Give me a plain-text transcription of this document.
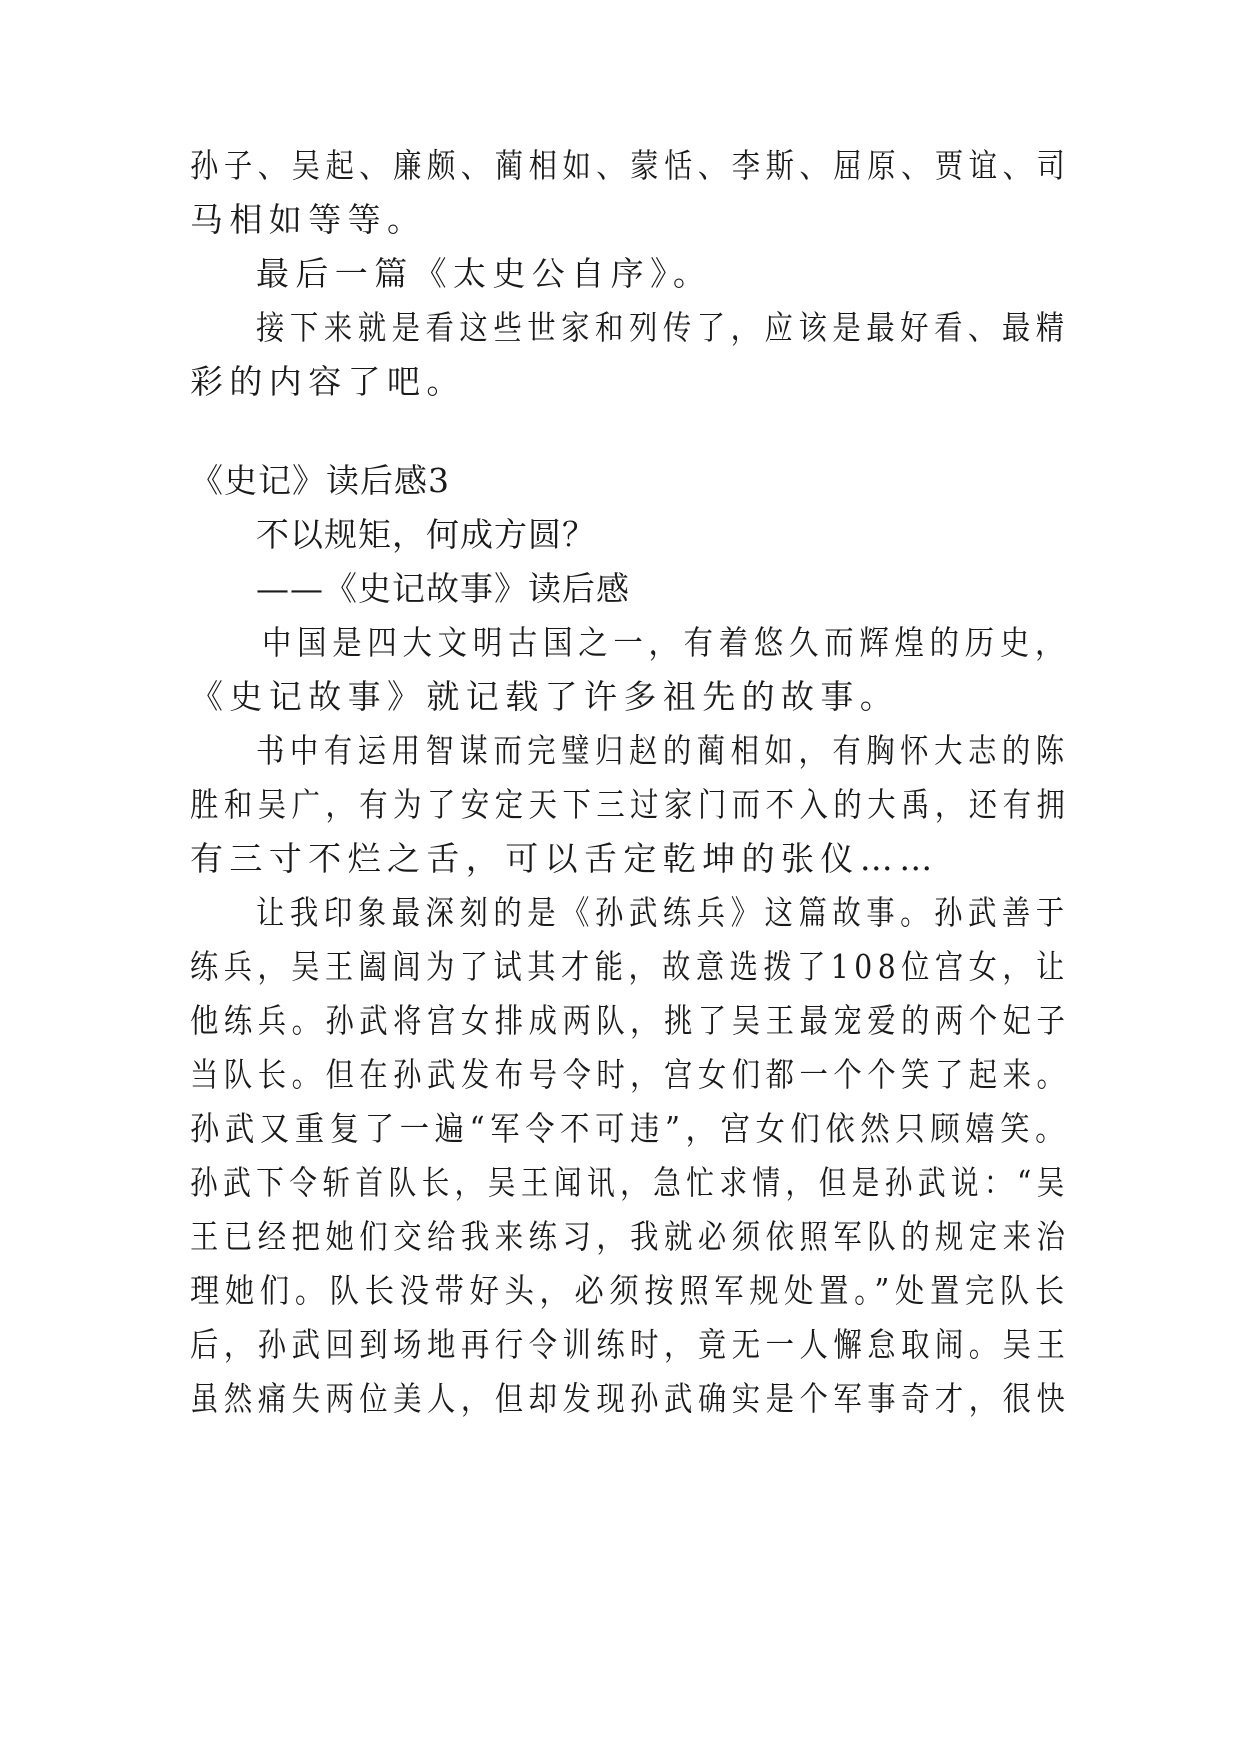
孙子、吴起、廉颇、蔺相如、蒙恬、李斯、屈原、贾谊、司
马相如等等。
最后一篇《太史公自序》。
接下来就是看这些世家和列传了，应该是最好看、最精
彩的内容了吧。
《史记》读后感3
不以规矩，何成方圆？
——《史记故事》读后感
中国是四大文明古国之一，有着悠久而辉煌的历史，
《史记故事》就记载了许多祖先的故事。
书中有运用智谋而完璧归赵的蔺相如，有胸怀大志的陈
胜和吴广，有为了安定天下三过家门而不入的大禹，还有拥
有三寸不烂之舌，可以舌定乾坤的张仪……
让我印象最深刻的是《孙武练兵》这篇故事。孙武善于
练兵，吴王阖闾为了试其才能，故意选拨了108位宫女，让
他练兵。孙武将宫女排成两队，挑了吴王最宠爱的两个妃子
当队长。但在孙武发布号令时，宫女们都一个个笑了起来。
孙武又重复了一遍“军令不可违”，宫女们依然只顾嬉笑。
孙武下令斩首队长，吴王闻讯，急忙求情，但是孙武说：“吴
王已经把她们交给我来练习，我就必须依照军队的规定来治
理她们。队长没带好头，必须按照军规处置。”处置完队长
后，孙武回到场地再行令训练时，竟无一人懈怠取闹。吴王
虽然痛失两位美人，但却发现孙武确实是个军事奇才，很快
